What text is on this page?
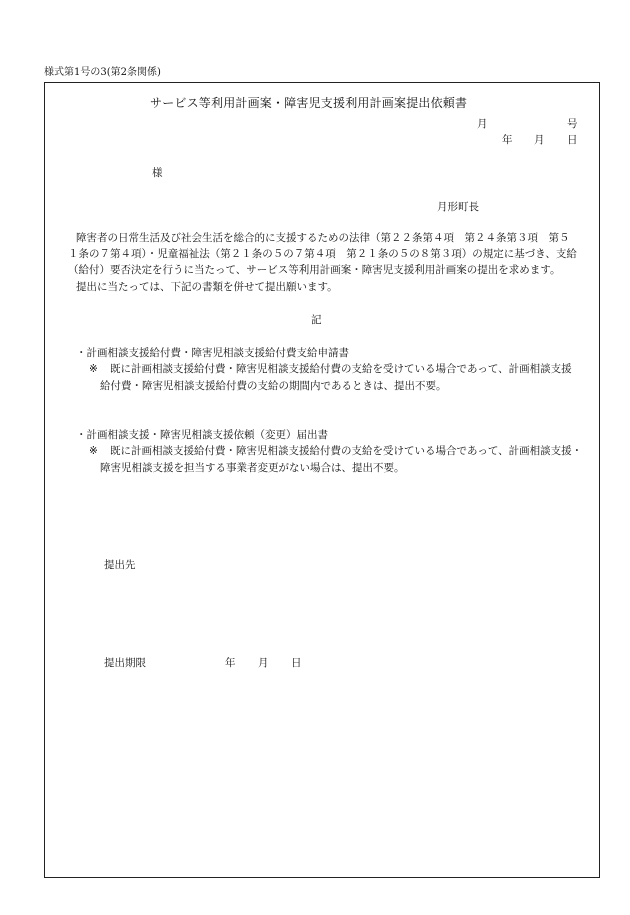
様式第1号の3(第2条関係)
サービス等利用計画案・障害児支援利用計画案提出依頼書
月	号
年 月 日
様
月形町長
障害者の日常生活及び社会生活を総合的に支援するための法律（第２２条第４項　第２４条第３項　第５
１条の７第４項）・児童福祉法（第２１条の５の７第４項　第２１条の５の８第３項）の規定に基づき、支給
（給付）要否決定を行うに当たって、サービス等利用計画案・障害児支援利用計画案の提出を求めます。
提出に当たっては、下記の書類を併せて提出願います。
記
・計画相談支援給付費・障害児相談支援給付費支給申請書
※ 既に計画相談支援給付費・障害児相談支援給付費の支給を受けている場合であって、計画相談支援
給付費・障害児相談支援給付費の支給の期間内であるときは、提出不要。
・計画相談支援・障害児相談支援依頼（変更）届出書
※ 既に計画相談支援給付費・障害児相談支援給付費の支給を受けている場合であって、計画相談支援・
障害児相談支援を担当する事業者変更がない場合は、提出不要。
提出先
提出期限	年 月 日
